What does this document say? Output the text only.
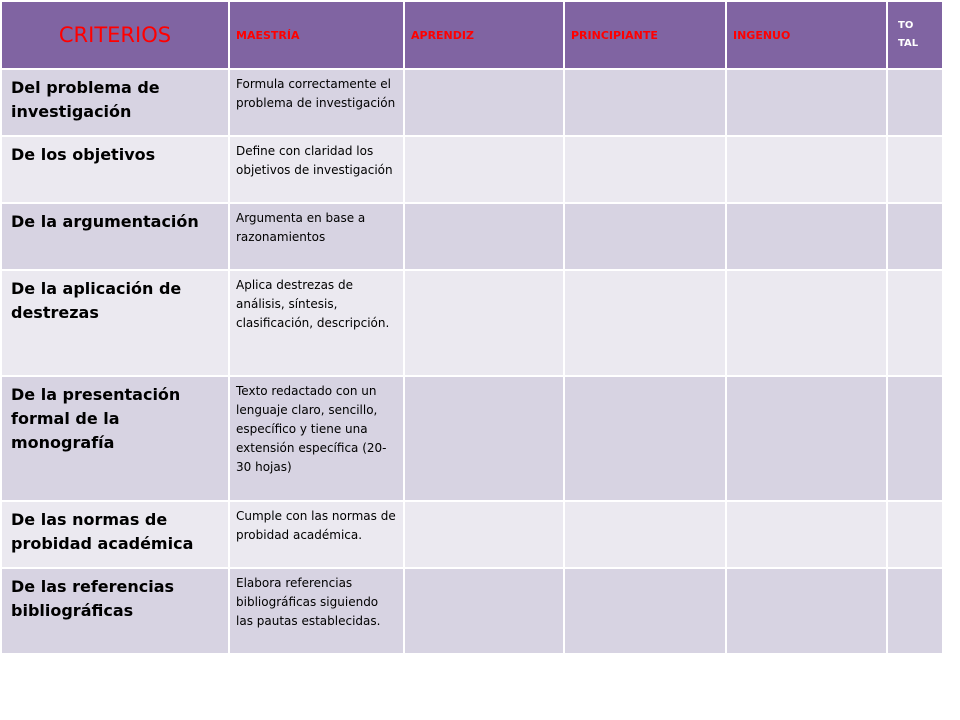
CRITERIOS	MAESTRÍA	APRENDIZ	PRINCIPIANTE	INGENUO	TOTAL

Del problema de investigación	Formula correctamente el problema de investigación				

De los objetivos	Define con claridad los objetivos de investigación				

De la argumentación	Argumenta en base a razonamientos				

De la aplicación de destrezas	Aplica destrezas de análisis, síntesis, clasificación, descripción.				

De la presentación formal de la monografía	Texto redactado con un lenguaje claro, sencillo, específico y tiene una extensión específica (20-30 hojas)				

De las normas de probidad académica	Cumple con las normas de probidad académica.				

De las referencias bibliográficas	Elabora referencias bibliográficas siguiendo las pautas establecidas.				
